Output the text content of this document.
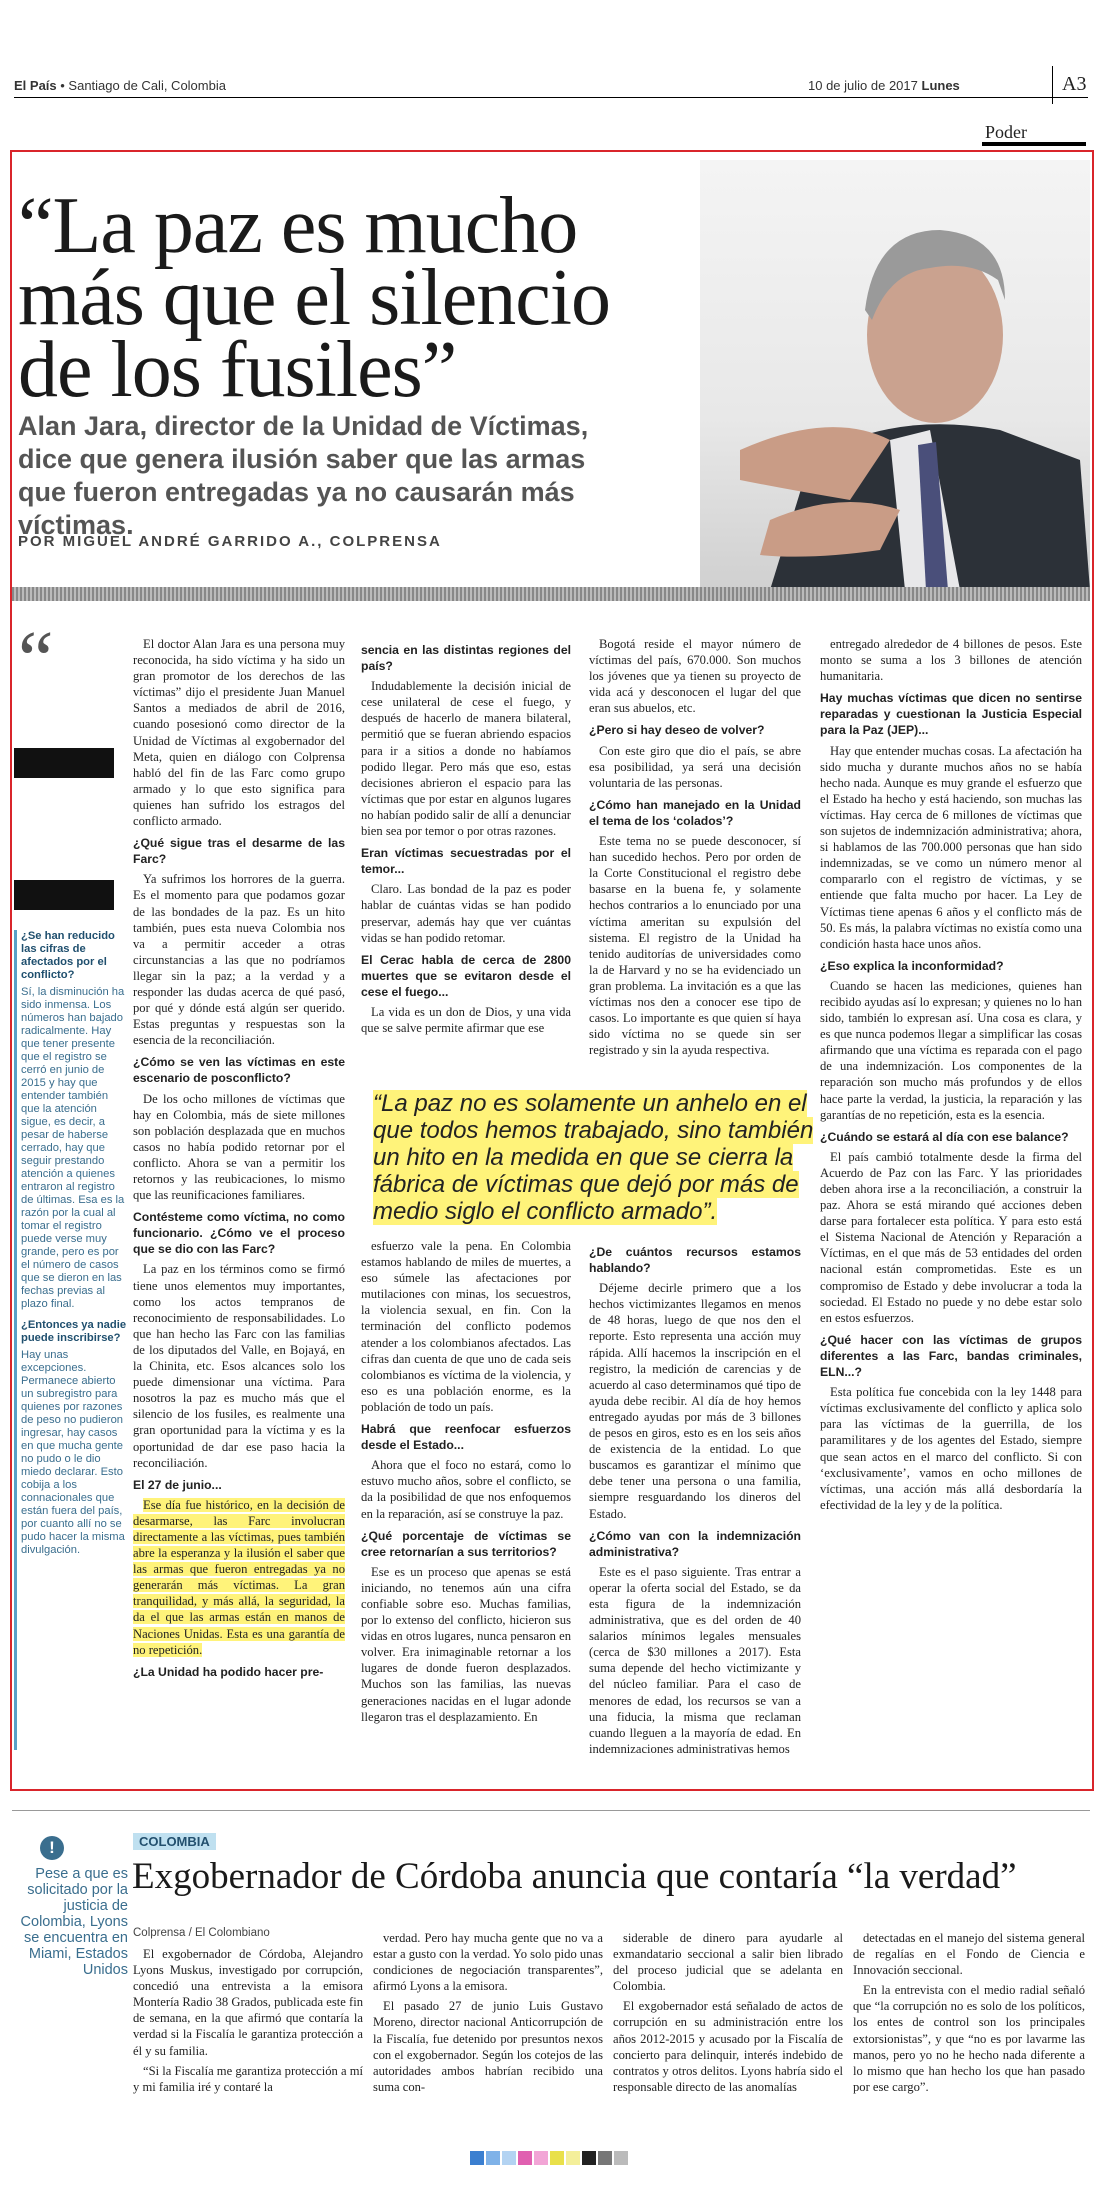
El País • Santiago de Cali, Colombia	10 de julio de 2017 Lunes	A3
Poder
“La paz es mucho más que el silencio de los fusiles”
Alan Jara, director de la Unidad de Víctimas, dice que genera ilusión saber que las armas que fueron entregadas ya no causarán más víctimas.
POR MIGUEL ANDRÉ GARRIDO A., COLPRENSA
“
¿Se han reducido las cifras de afectados por el conflicto?
Sí, la disminución ha sido inmensa. Los números han bajado radicalmente. Hay que tener presente que el registro se cerró en junio de 2015 y hay que entender también que la atención sigue, es decir, a pesar de haberse cerrado, hay que seguir prestando atención a quienes entraron al registro de últimas. Esa es la razón por la cual al tomar el registro puede verse muy grande, pero es por el número de casos que se dieron en las fechas previas al plazo final.
¿Entonces ya nadie puede inscribirse?
Hay unas excepciones. Permanece abierto un subregistro para quienes por razones de peso no pudieron ingresar, hay casos en que mucha gente no pudo o le dio miedo declarar. Esto cobija a los connacionales que están fuera del país, por cuanto allí no se pudo hacer la misma divulgación.

El doctor Alan Jara es una persona muy reconocida, ha sido víctima y ha sido un gran promotor de los derechos de las víctimas” dijo el presidente Juan Manuel Santos a mediados de abril de 2016, cuando posesionó como director de la Unidad de Víctimas al exgobernador del Meta, quien en diálogo con Colprensa habló del fin de las Farc como grupo armado y lo que esto significa para quienes han sufrido los estragos del conflicto armado.

¿Qué sigue tras el desarme de las Farc?

Ya sufrimos los horrores de la guerra. Es el momento para que podamos gozar de las bondades de la paz. Es un hito también, pues esta nueva Colombia nos va a permitir acceder a otras circunstancias a las que no podríamos llegar sin la paz; a la verdad y a responder las dudas acerca de qué pasó, por qué y dónde está algún ser querido. Estas preguntas y respuestas son la esencia de la reconciliación.

¿Cómo se ven las víctimas en este escenario de posconflicto?

De los ocho millones de víctimas que hay en Colombia, más de siete millones son población desplazada que en muchos casos no había podido retornar por el conflicto. Ahora se van a permitir los retornos y las reubicaciones, lo mismo que las reunificaciones familiares.

Contésteme como víctima, no como funcionario. ¿Cómo ve el proceso que se dio con las Farc?

La paz en los términos como se firmó tiene unos elementos muy importantes, como los actos tempranos de reconocimiento de responsabilidades. Lo que han hecho las Farc con las familias de los diputados del Valle, en Bojayá, en la Chinita, etc. Esos alcances solo los puede dimensionar una víctima. Para nosotros la paz es mucho más que el silencio de los fusiles, es realmente una gran oportunidad para la víctima y es la oportunidad de dar ese paso hacia la reconciliación.

El 27 de junio...

Ese día fue histórico, en la decisión de desarmarse, las Farc involucran directamente a las víctimas, pues también abre la esperanza y la ilusión el saber que las armas que fueron entregadas ya no generarán más víctimas. La gran tranquilidad, y más allá, la seguridad, la da el que las armas están en manos de Naciones Unidas. Esta es una garantía de no repetición.

¿La Unidad ha podido hacer pre-

sencia en las distintas regiones del país?

Indudablemente la decisión inicial de cese unilateral de cese el fuego, y después de hacerlo de manera bilateral, permitió que se fueran abriendo espacios para ir a sitios a donde no habíamos podido llegar. Pero más que eso, estas decisiones abrieron el espacio para las víctimas que por estar en algunos lugares no habían podido salir de allí a denunciar bien sea por temor o por otras razones.

Eran víctimas secuestradas por el temor...

Claro. Las bondad de la paz es poder hablar de cuántas vidas se han podido preservar, además hay que ver cuántas vidas se han podido retomar.

El Cerac habla de cerca de 2800 muertes que se evitaron desde el cese el fuego...

La vida es un don de Dios, y una vida que se salve permite afirmar que ese

Bogotá reside el mayor número de víctimas del país, 670.000. Son muchos los jóvenes que ya tienen su proyecto de vida acá y desconocen el lugar del que eran sus abuelos, etc.

¿Pero si hay deseo de volver?

Con este giro que dio el país, se abre esa posibilidad, ya será una decisión voluntaria de las personas.

¿Cómo han manejado en la Unidad el tema de los ‘colados’?

Este tema no se puede desconocer, sí han sucedido hechos. Pero por orden de la Corte Constitucional el registro debe basarse en la buena fe, y solamente hechos contrarios a lo enunciado por una víctima ameritan su expulsión del sistema. El registro de la Unidad ha tenido auditorías de universidades como la de Harvard y no se ha evidenciado un gran problema. La invitación es a que las víctimas nos den a conocer ese tipo de casos. Lo importante es que quien sí haya sido víctima no se quede sin ser registrado y sin la ayuda respectiva.

“La paz no es solamente un anhelo en el que todos hemos trabajado, sino también un hito en la medida en que se cierra la fábrica de víctimas que dejó por más de medio siglo el conflicto armado”.

esfuerzo vale la pena. En Colombia estamos hablando de miles de muertes, a eso súmele las afectaciones por mutilaciones con minas, los secuestros, la violencia sexual, en fin. Con la terminación del conflicto podemos atender a los colombianos afectados. Las cifras dan cuenta de que uno de cada seis colombianos es víctima de la violencia, y eso es una población enorme, es la población de todo un país.

Habrá que reenfocar esfuerzos desde el Estado...

Ahora que el foco no estará, como lo estuvo mucho años, sobre el conflicto, se da la posibilidad de que nos enfoquemos en la reparación, así se construye la paz.

¿Qué porcentaje de víctimas se cree retornarían a sus territorios?

Ese es un proceso que apenas se está iniciando, no tenemos aún una cifra confiable sobre eso. Muchas familias, por lo extenso del conflicto, hicieron sus vidas en otros lugares, nunca pensaron en volver. Era inimaginable retornar a los lugares de donde fueron desplazados. Muchos son las familias, las nuevas generaciones nacidas en el lugar adonde llegaron tras el desplazamiento. En

¿De cuántos recursos estamos hablando?

Déjeme decirle primero que a los hechos victimizantes llegamos en menos de 48 horas, luego de que nos den el reporte. Esto representa una acción muy rápida. Allí hacemos la inscripción en el registro, la medición de carencias y de acuerdo al caso determinamos qué tipo de ayuda debe recibir. Al día de hoy hemos entregado ayudas por más de 3 billones de pesos en giros, esto es en los seis años de existencia de la entidad. Lo que buscamos es garantizar el mínimo que debe tener una persona o una familia, siempre resguardando los dineros del Estado.

¿Cómo van con la indemnización administrativa?

Este es el paso siguiente. Tras entrar a operar la oferta social del Estado, se da esta figura de la indemnización administrativa, que es del orden de 40 salarios mínimos legales mensuales (cerca de $30 millones a 2017). Esta suma depende del hecho victimizante y del núcleo familiar. Para el caso de menores de edad, los recursos se van a una fiducia, la misma que reclaman cuando lleguen a la mayoría de edad. En indemnizaciones administrativas hemos

entregado alrededor de 4 billones de pesos. Este monto se suma a los 3 billones de atención humanitaria.

Hay muchas víctimas que dicen no sentirse reparadas y cuestionan la Justicia Especial para la Paz (JEP)...

Hay que entender muchas cosas. La afectación ha sido mucha y durante muchos años no se había hecho nada. Aunque es muy grande el esfuerzo que el Estado ha hecho y está haciendo, son muchas las víctimas. Hay cerca de 6 millones de víctimas que son sujetos de indemnización administrativa; ahora, si hablamos de las 700.000 personas que han sido indemnizadas, se ve como un número menor al compararlo con el registro de víctimas, y se entiende que falta mucho por hacer. La Ley de Víctimas tiene apenas 6 años y el conflicto más de 50. Es más, la palabra víctimas no existía como una condición hasta hace unos años.

¿Eso explica la inconformidad?

Cuando se hacen las mediciones, quienes han recibido ayudas así lo expresan; y quienes no lo han sido, también lo expresan así. Una cosa es clara, y es que nunca podemos llegar a simplificar las cosas afirmando que una víctima es reparada con el pago de una indemnización. Los componentes de la reparación son mucho más profundos y de ellos hace parte la verdad, la justicia, la reparación y las garantías de no repetición, esta es la esencia.

¿Cuándo se estará al día con ese balance?

El país cambió totalmente desde la firma del Acuerdo de Paz con las Farc. Y las prioridades deben ahora irse a la reconciliación, a construir la paz. Ahora se está mirando qué acciones deben darse para fortalecer esta política. Y para esto está el Sistema Nacional de Atención y Reparación a Víctimas, en el que más de 53 entidades del orden nacional están comprometidas. Este es un compromiso de Estado y debe involucrar a toda la sociedad. El Estado no puede y no debe estar solo en estos esfuerzos.

¿Qué hacer con las víctimas de grupos diferentes a las Farc, bandas criminales, ELN...?

Esta política fue concebida con la ley 1448 para víctimas exclusivamente del conflicto y aplica solo para las víctimas de la guerrilla, de los paramilitares y de los agentes del Estado, siempre que sean actos en el marco del conflicto. Si con ‘exclusivamente’, vamos en ocho millones de víctimas, una acción más allá desbordaría la efectividad de la ley y de la política.

!
Pese a que es solicitado por la justicia de Colombia, Lyons se encuentra en Miami, Estados Unidos
COLOMBIA
Exgobernador de Córdoba anuncia que contaría “la verdad”
Colprensa / El Colombiano

El exgobernador de Córdoba, Alejandro Lyons Muskus, investigado por corrupción, concedió una entrevista a la emisora Montería Radio 38 Grados, publicada este fin de semana, en la que afirmó que contaría la verdad si la Fiscalía le garantiza protección a él y su familia.

“Si la Fiscalía me garantiza protección a mí y mi familia iré y contaré la

verdad. Pero hay mucha gente que no va a estar a gusto con la verdad. Yo solo pido unas condiciones de negociación transparentes”, afirmó Lyons a la emisora.

El pasado 27 de junio Luis Gustavo Moreno, director nacional Anticorrupción de la Fiscalía, fue detenido por presuntos nexos con el exgobernador. Según los cotejos de las autoridades ambos habrían recibido una suma con-

siderable de dinero para ayudarle al exmandatario seccional a salir bien librado del proceso judicial que se adelanta en Colombia.

El exgobernador está señalado de actos de corrupción en su administración entre los años 2012-2015 y acusado por la Fiscalía de concierto para delinquir, interés indebido de contratos y otros delitos. Lyons habría sido el responsable directo de las anomalías

detectadas en el manejo del sistema general de regalías en el Fondo de Ciencia e Innovación seccional.

En la entrevista con el medio radial señaló que “la corrupción no es solo de los políticos, los entes de control son los principales extorsionistas”, y que “no es por lavarme las manos, pero yo no he hecho nada diferente a lo mismo que han hecho los que han pasado por ese cargo”.
